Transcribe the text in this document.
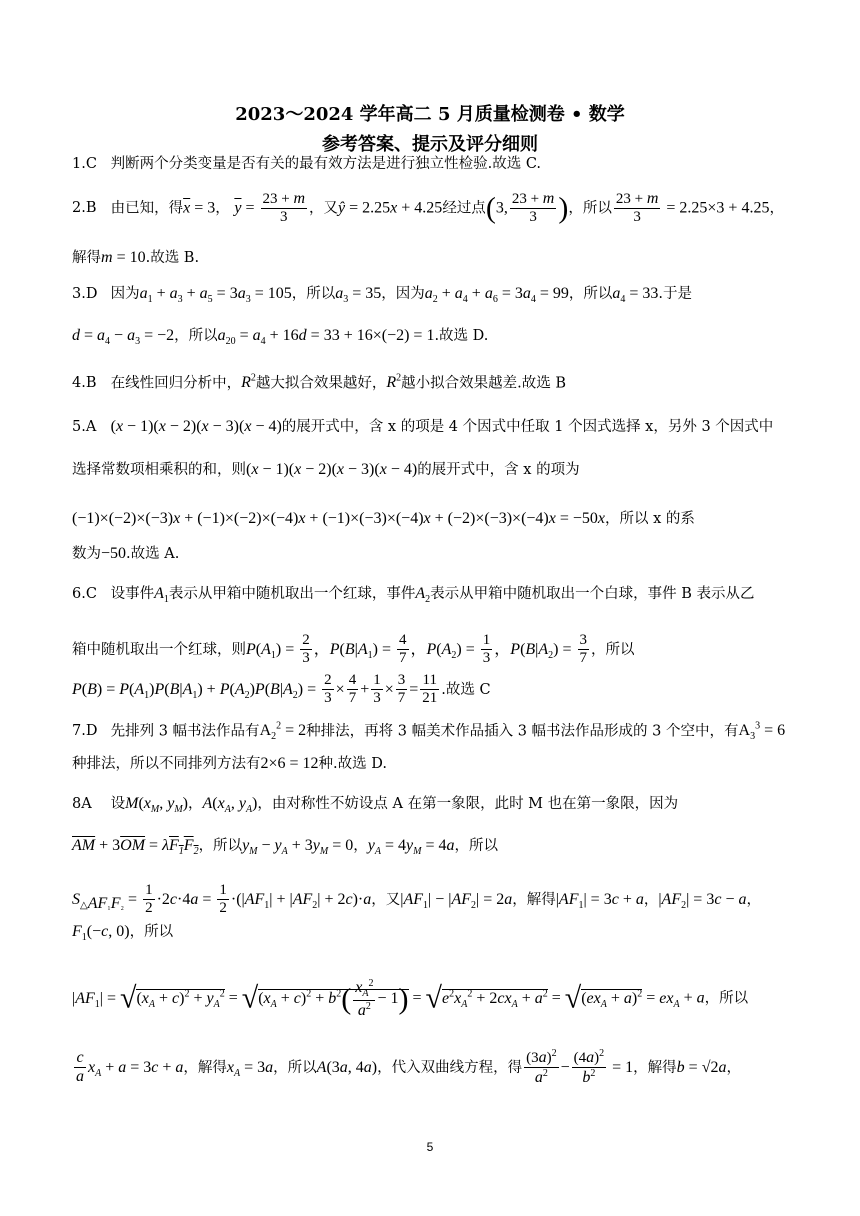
2023～2024 学年高二 5 月质量检测卷 • 数学
参考答案、提示及评分细则
1.C 判断两个分类变量是否有关的最有效方法是进行独立性检验.故选 C.
2.B 由已知，得$\overline{x} = 3$， $\overline{y} = \frac{23 + m}{3}$ ，又ŷ = 2.25x + 4.25经过点(3, $\frac{23 + m}{3}$ )，所以 $\frac{23 + m}{3} = 2.25\times 3 + 4.25$，
解得m = 10.故选 B.
3.D 因为$a_1 + a_3 + a_5 = 3a_3 = 105$，所以$a_3 = 35$，因为$a_2 + a_4 + a_6 = 3a_4 = 99$，所以$a_4 = 33$.于是
$d = a_4 - a_3 = -2$，所以$a_{20} = a_4 + 16d = 33 + 16\times(-2) = 1$.故选 D.
4.B 在线性回归分析中，$R^2$越大拟合效果越好，$R^2$越小拟合效果越差.故选 B
5.A (x − 1)(x − 2)(x − 3)(x − 4)的展开式中，含 x 的项是 4 个因式中任取 1 个因式选择 x，另外 3 个因式中
选择常数项相乘积的和，则(x − 1)(x − 2)(x − 3)(x − 4)的展开式中，含 x 的项为
(−1)×(−2)×(−3)x + (−1)×(−2)×(−4)x + (−1)×(−3)×(−4)x + (−2)×(−3)×(−4)x = −50x，所以 x 的系
数为−50.故选 A.
6.C 设事件$A_1$表示从甲箱中随机取出一个红球，事件$A_2$表示从甲箱中随机取出一个白球，事件 B 表示从乙
箱中随机取出一个红球，则$P(A_1) = \frac{2}{3}$ ，$P(B|A_1) = \frac{4}{7}$ ，$P(A_2) = \frac{1}{3}$ ，$P(B|A_2) = \frac{3}{7}$ ，所以
$P(B) = P(A_1)P(B|A_1) + P(A_2)P(B|A_2) = \frac{2}{3} \times \frac{4}{7} + \frac{1}{3} \times \frac{3}{7} = \frac{11}{21}$ .故选 C
7.D 先排列 3 幅书法作品有$A_2^2 = 2$种排法，再将 3 幅美术作品插入 3 幅书法作品形成的 3 个空中，有$A_3^3 = 6$
种排法，所以不同排列方法有2×6 = 12种.故选 D.
8A 设$M(x_M$, $y_M$)，$A(x_A$, $y_A$)，由对称性不妨设点 A 在第一象限，此时 M 也在第一象限，因为
$\overline{AM} + 3\overline{OM} = \lambda F_1F_2$，所以$y_M - y_A + 3y_M = 0$，$y_A = 4y_M = 4a$，所以
$S_{\triangle AF_1F_2} = \frac{1}{2} \cdot 2c\cdot 4a = \frac{1}{2} \cdot(|AF_1| + |AF_2| + 2c)\cdot a$，又$|AF_1| - |AF_2| = 2a$，解得$|AF_1| = 3c + a$，$|AF_2| = 3c - a$，
$F_1(-c$, 0)，所以
$|AF_1| = √(x_A + c)^2 + y_A^2 = √(x_A + c)^2 + b^2( \frac{x_A^2}{a^2} - 1) = √e^2x_A^2 + 2cx_A + a^2 = √(ex_A + a)^2 = ex_A + a$，所以
$\frac{c}{a} x_A + a = 3c + a$，解得$x_A = 3a$，所以A(3a, 4a)，代入双曲线方程，得 $\frac{(3a)^2}{a^2} - \frac{(4a)^2}{b^2} = 1$，解得b = √2a，
5
